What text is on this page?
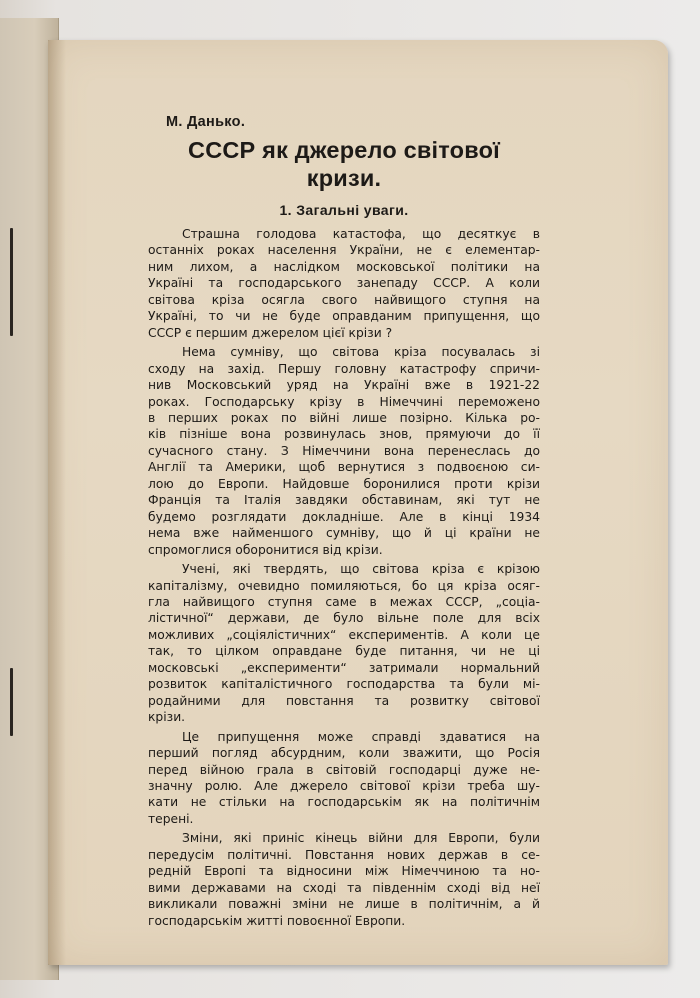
М. Данько.
СССР як джерело світової
кризи.
1. Загальні уваги.
Страшна голодова катастофа, що десяткує в
останніх роках населення України, не є елементар-
ним лихом, а наслідком московської політики на
Україні та господарського занепаду СССР. А коли
світова кріза осягла свого найвищого ступня на
Україні, то чи не буде оправданим припущення, що
СССР є першим джерелом цієї крізи ?
Нема сумніву, що світова кріза посувалась зі
сходу на захід. Першу головну катастрофу спричи-
нив Московський уряд на Україні вже в 1921-22
роках. Господарську крізу в Німеччині переможено
в перших роках по війні лише позірно. Кілька ро-
ків пізніше вона розвинулась знов, прямуючи до її
сучасного стану. З Німеччини вона перенеслась до
Англії та Америки, щоб вернутися з подвоєною си-
лою до Европи. Найдовше боронилися проти крізи
Франція та Італія завдяки обставинам, які тут не
будемо розглядати докладніше. Але в кінці 1934
нема вже найменшого сумніву, що й ці країни не
спромоглися оборонитися від крізи.
Учені, які твердять, що світова кріза є крізою
капіталізму, очевидно помиляються, бо ця кріза осяг-
гла найвищого ступня саме в межах СССР, „соціа-
лістичної“ держави, де було вільне поле для всіх
можливих „соціялістичних“ експериментів. А коли це
так, то цілком оправдане буде питання, чи не ці
московські „експерименти“ затримали нормальний
розвиток капіталістичного господарства та були мі-
родайними для повстання та розвитку світової
крізи.
Це припущення може справді здаватися на
перший погляд абсурдним, коли зважити, що Росія
перед війною грала в світовій господарці дуже не-
значну ролю. Але джерело світової крізи треба шу-
кати не стільки на господарськім як на політичнім
терені.
Зміни, які приніс кінець війни для Европи, були
передусім політичні. Повстання нових держав в се-
редній Европі та відносини між Німеччиною та но-
вими державами на сході та південнім сході від неї
викликали поважні зміни не лише в політичнім, а й
господарськім житті повоєнної Европи.
